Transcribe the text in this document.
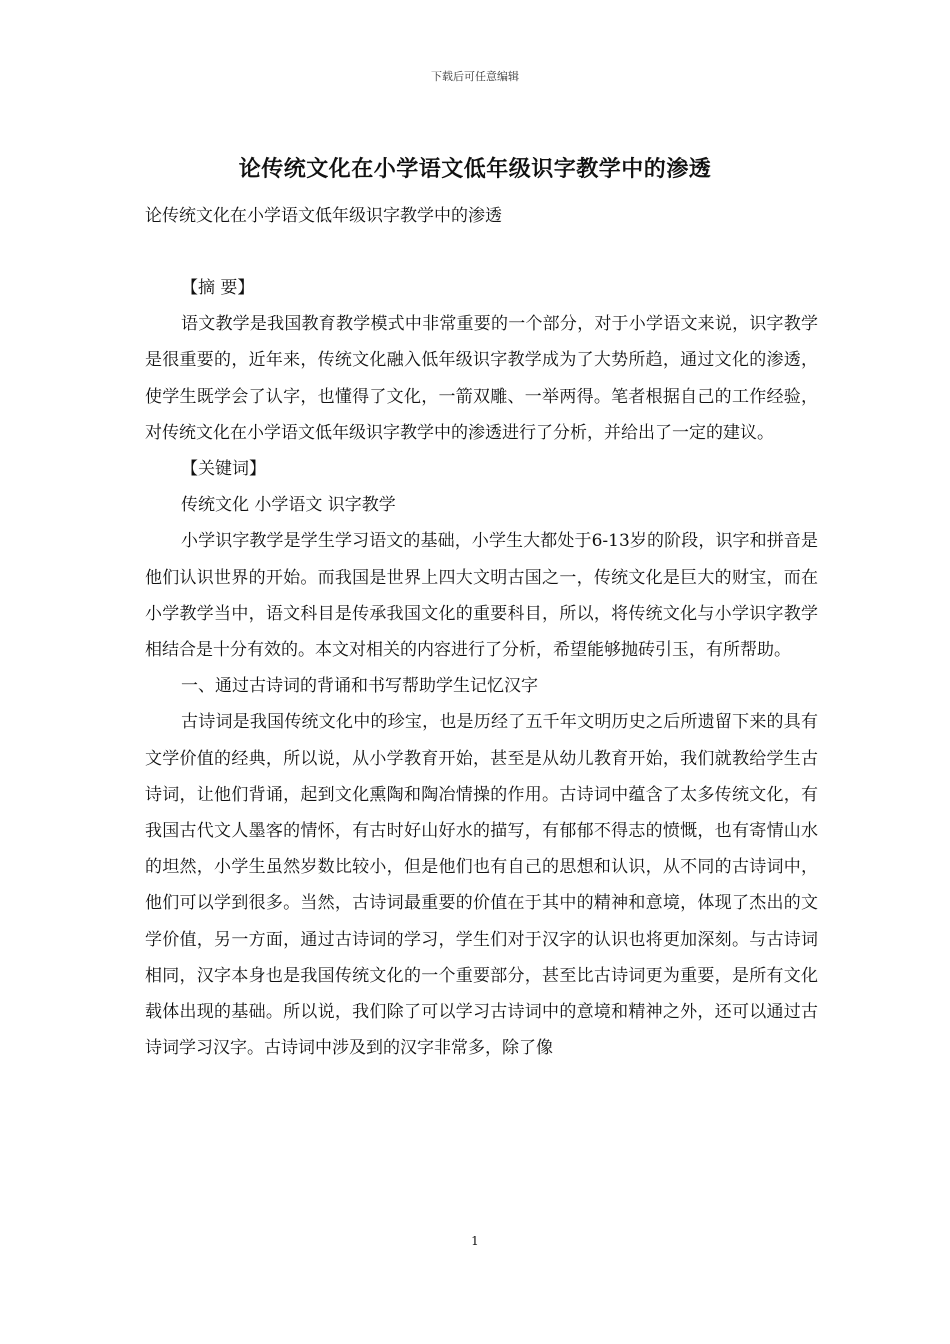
下载后可任意编辑
论传统文化在小学语文低年级识字教学中的渗透
论传统文化在小学语文低年级识字教学中的渗透

【摘 要】

语文教学是我国教育教学模式中非常重要的一个部分，对于小学语文来说，识字教学是很重要的，近年来，传统文化融入低年级识字教学成为了大势所趋，通过文化的渗透，使学生既学会了认字，也懂得了文化，一箭双雕、一举两得。笔者根据自己的工作经验，对传统文化在小学语文低年级识字教学中的渗透进行了分析，并给出了一定的建议。

【关键词】

传统文化 小学语文 识字教学

小学识字教学是学生学习语文的基础，小学生大都处于6-13岁的阶段，识字和拼音是他们认识世界的开始。而我国是世界上四大文明古国之一，传统文化是巨大的财宝，而在小学教学当中，语文科目是传承我国文化的重要科目，所以，将传统文化与小学识字教学相结合是十分有效的。本文对相关的内容进行了分析，希望能够抛砖引玉，有所帮助。

一、通过古诗词的背诵和书写帮助学生记忆汉字

古诗词是我国传统文化中的珍宝，也是历经了五千年文明历史之后所遗留下来的具有文学价值的经典，所以说，从小学教育开始，甚至是从幼儿教育开始，我们就教给学生古诗词，让他们背诵，起到文化熏陶和陶冶情操的作用。古诗词中蕴含了太多传统文化，有我国古代文人墨客的情怀，有古时好山好水的描写，有郁郁不得志的愤慨，也有寄情山水的坦然，小学生虽然岁数比较小，但是他们也有自己的思想和认识，从不同的古诗词中，他们可以学到很多。当然，古诗词最重要的价值在于其中的精神和意境，体现了杰出的文学价值，另一方面，通过古诗词的学习，学生们对于汉字的认识也将更加深刻。与古诗词相同，汉字本身也是我国传统文化的一个重要部分，甚至比古诗词更为重要，是所有文化载体出现的基础。所以说，我们除了可以学习古诗词中的意境和精神之外，还可以通过古诗词学习汉字。古诗词中涉及到的汉字非常多，除了像

1
